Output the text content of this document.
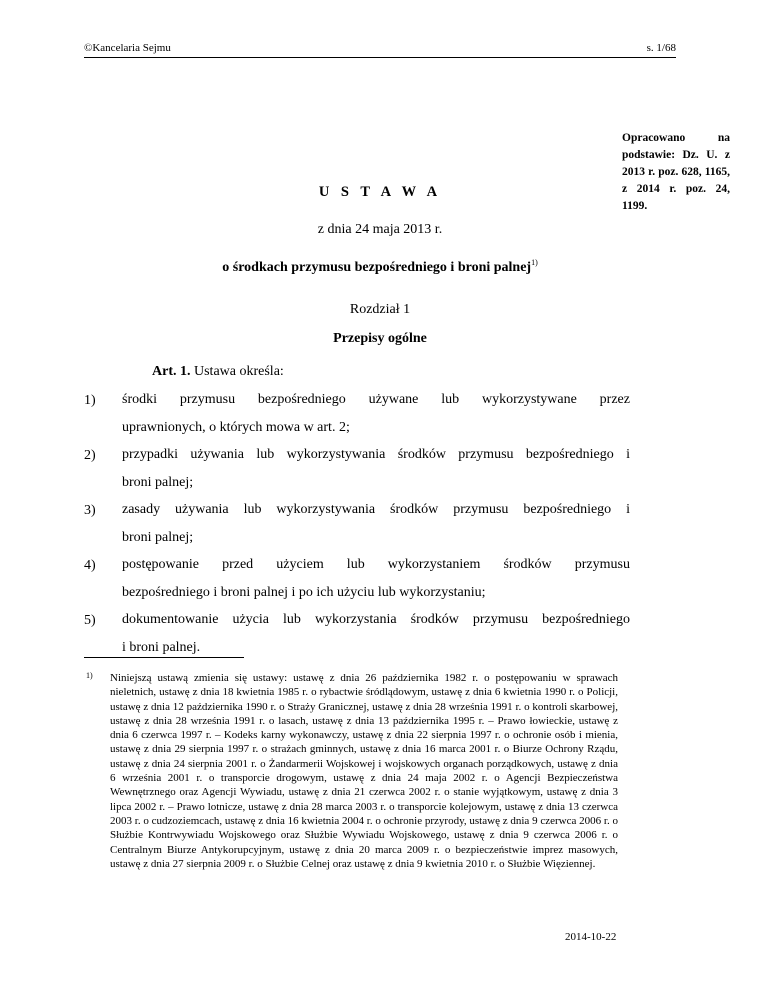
©Kancelaria Sejmu	s. 1/68
Opracowano na podstawie: Dz. U. z 2013 r. poz. 628, 1165, z 2014 r. poz. 24, 1199.
U S T A W A
z dnia 24 maja 2013 r.
o środkach przymusu bezpośredniego i broni palnej$^{1)}$
Rozdział 1
Przepisy ogólne
Art. 1. Ustawa określa:
1) środki przymusu bezpośredniego używane lub wykorzystywane przez
uprawnionych, o których mowa w art. 2;
2) przypadki używania lub wykorzystywania środków przymusu bezpośredniego i
broni palnej;
3) zasady używania lub wykorzystywania środków przymusu bezpośredniego i
broni palnej;
4) postępowanie przed użyciem lub wykorzystaniem środków przymusu
bezpośredniego i broni palnej i po ich użyciu lub wykorzystaniu;
5) dokumentowanie użycia lub wykorzystania środków przymusu bezpośredniego
i broni palnej.
1) Niniejszą ustawą zmienia się ustawy: ustawę z dnia 26 października 1982 r. o postępowaniu w sprawach nieletnich, ustawę z dnia 18 kwietnia 1985 r. o rybactwie śródlądowym, ustawę z dnia 6 kwietnia 1990 r. o Policji, ustawę z dnia 12 października 1990 r. o Straży Granicznej, ustawę z dnia 28 września 1991 r. o kontroli skarbowej, ustawę z dnia 28 września 1991 r. o lasach, ustawę z dnia 13 października 1995 r. – Prawo łowieckie, ustawę z dnia 6 czerwca 1997 r. – Kodeks karny wykonawczy, ustawę z dnia 22 sierpnia 1997 r. o ochronie osób i mienia, ustawę z dnia 29 sierpnia 1997 r. o strażach gminnych, ustawę z dnia 16 marca 2001 r. o Biurze Ochrony Rządu, ustawę z dnia 24 sierpnia 2001 r. o Żandarmerii Wojskowej i wojskowych organach porządkowych, ustawę z dnia 6 września 2001 r. o transporcie drogowym, ustawę z dnia 24 maja 2002 r. o Agencji Bezpieczeństwa Wewnętrznego oraz Agencji Wywiadu, ustawę z dnia 21 czerwca 2002 r. o stanie wyjątkowym, ustawę z dnia 3 lipca 2002 r. – Prawo lotnicze, ustawę z dnia 28 marca 2003 r. o transporcie kolejowym, ustawę z dnia 13 czerwca 2003 r. o cudzoziemcach, ustawę z dnia 16 kwietnia 2004 r. o ochronie przyrody, ustawę z dnia 9 czerwca 2006 r. o Służbie Kontrwywiadu Wojskowego oraz Służbie Wywiadu Wojskowego, ustawę z dnia 9 czerwca 2006 r. o Centralnym Biurze Antykorupcyjnym, ustawę z dnia 20 marca 2009 r. o bezpieczeństwie imprez masowych, ustawę z dnia 27 sierpnia 2009 r. o Służbie Celnej oraz ustawę z dnia 9 kwietnia 2010 r. o Służbie Więziennej.
2014-10-22
